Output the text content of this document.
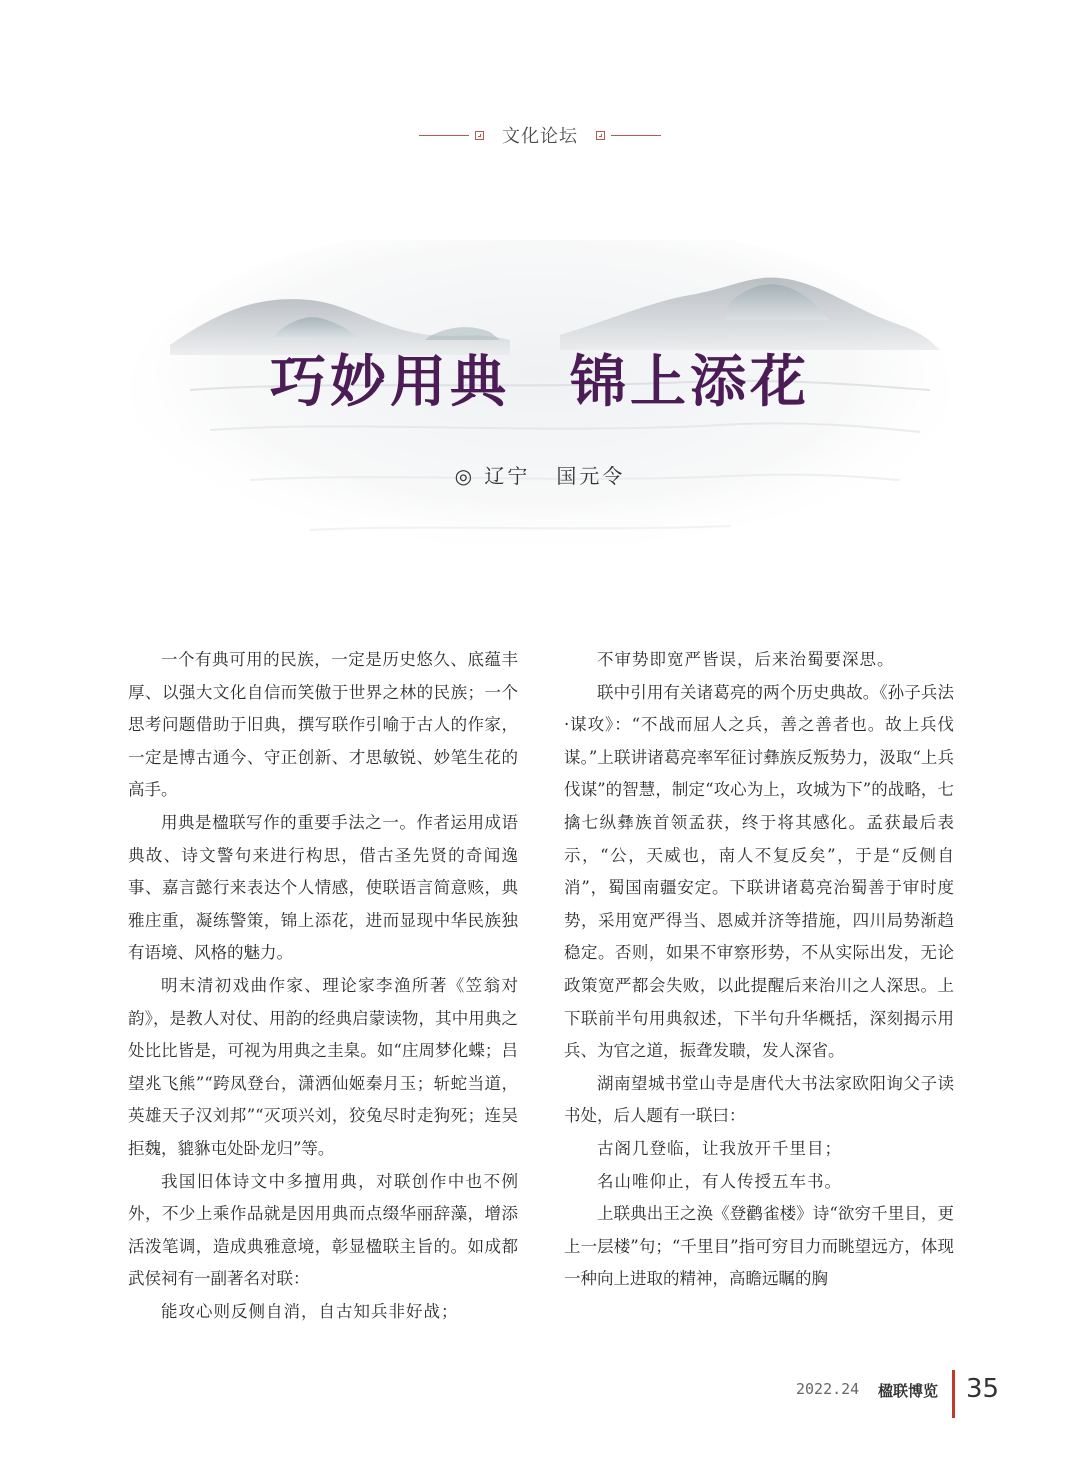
文化论坛
巧妙用典　锦上添花
◎ 辽宁 国元令

一个有典可用的民族，一定是历史悠久、底蕴丰厚、以强大文化自信而笑傲于世界之林的民族；一个思考问题借助于旧典，撰写联作引喻于古人的作家，一定是博古通今、守正创新、才思敏锐、妙笔生花的高手。

用典是楹联写作的重要手法之一。作者运用成语典故、诗文警句来进行构思，借古圣先贤的奇闻逸事、嘉言懿行来表达个人情感，使联语言简意赅，典雅庄重，凝练警策，锦上添花，进而显现中华民族独有语境、风格的魅力。

明末清初戏曲作家、理论家李渔所著《笠翁对韵》，是教人对仗、用韵的经典启蒙读物，其中用典之处比比皆是，可视为用典之圭臬。如“庄周梦化蝶；吕望兆飞熊”“跨凤登台，潇洒仙姬秦月玉；斩蛇当道，英雄天子汉刘邦”“灭项兴刘，狡兔尽时走狗死；连吴拒魏，貔貅屯处卧龙归”等。

我国旧体诗文中多擅用典，对联创作中也不例外，不少上乘作品就是因用典而点缀华丽辞藻，增添活泼笔调，造成典雅意境，彰显楹联主旨的。如成都武侯祠有一副著名对联：

能攻心则反侧自消，自古知兵非好战；

不审势即宽严皆误，后来治蜀要深思。

联中引用有关诸葛亮的两个历史典故。《孙子兵法·谋攻》：“不战而屈人之兵，善之善者也。故上兵伐谋。”上联讲诸葛亮率军征讨彝族反叛势力，汲取“上兵伐谋”的智慧，制定“攻心为上，攻城为下”的战略，七擒七纵彝族首领孟获，终于将其感化。孟获最后表示，“公，天威也，南人不复反矣”，于是“反侧自消”，蜀国南疆安定。下联讲诸葛亮治蜀善于审时度势，采用宽严得当、恩威并济等措施，四川局势渐趋稳定。否则，如果不审察形势，不从实际出发，无论政策宽严都会失败，以此提醒后来治川之人深思。上下联前半句用典叙述，下半句升华概括，深刻揭示用兵、为官之道，振聋发聩，发人深省。

湖南望城书堂山寺是唐代大书法家欧阳询父子读书处，后人题有一联曰：

古阁几登临，让我放开千里目；

名山唯仰止，有人传授五车书。

上联典出王之涣《登鹳雀楼》诗“欲穷千里目，更上一层楼”句；“千里目”指可穷目力而眺望远方，体现一种向上进取的精神，高瞻远瞩的胸

2022.24 楹联博览 35
